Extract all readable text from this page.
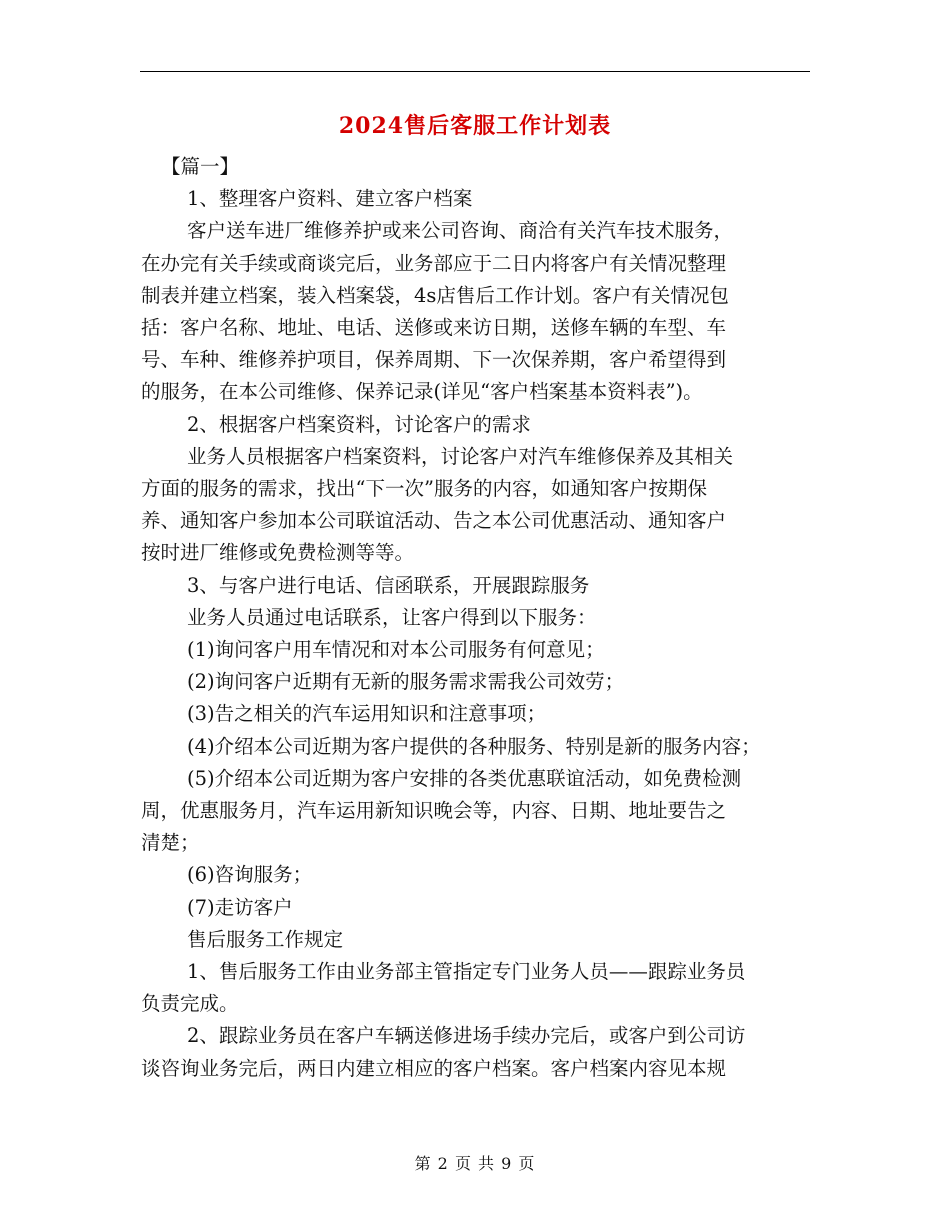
2024售后客服工作计划表

【篇一】

1、整理客户资料、建立客户档案

客户送车进厂维修养护或来公司咨询、商洽有关汽车技术服务，

在办完有关手续或商谈完后，业务部应于二日内将客户有关情况整理

制表并建立档案，装入档案袋，4s店售后工作计划。客户有关情况包

括：客户名称、地址、电话、送修或来访日期，送修车辆的车型、车

号、车种、维修养护项目，保养周期、下一次保养期，客户希望得到

的服务，在本公司维修、保养记录(详见“客户档案基本资料表”)。

2、根据客户档案资料，讨论客户的需求

业务人员根据客户档案资料，讨论客户对汽车维修保养及其相关

方面的服务的需求，找出“下一次”服务的内容，如通知客户按期保

养、通知客户参加本公司联谊活动、告之本公司优惠活动、通知客户

按时进厂维修或免费检测等等。

3、与客户进行电话、信函联系，开展跟踪服务

业务人员通过电话联系，让客户得到以下服务：

(1)询问客户用车情况和对本公司服务有何意见；

(2)询问客户近期有无新的服务需求需我公司效劳；

(3)告之相关的汽车运用知识和注意事项；

(4)介绍本公司近期为客户提供的各种服务、特别是新的服务内容；

(5)介绍本公司近期为客户安排的各类优惠联谊活动，如免费检测

周，优惠服务月，汽车运用新知识晚会等，内容、日期、地址要告之

清楚；

(6)咨询服务；

(7)走访客户

售后服务工作规定

1、售后服务工作由业务部主管指定专门业务人员——跟踪业务员

负责完成。

2、跟踪业务员在客户车辆送修进场手续办完后，或客户到公司访

谈咨询业务完后，两日内建立相应的客户档案。客户档案内容见本规

第 2 页 共 9 页
